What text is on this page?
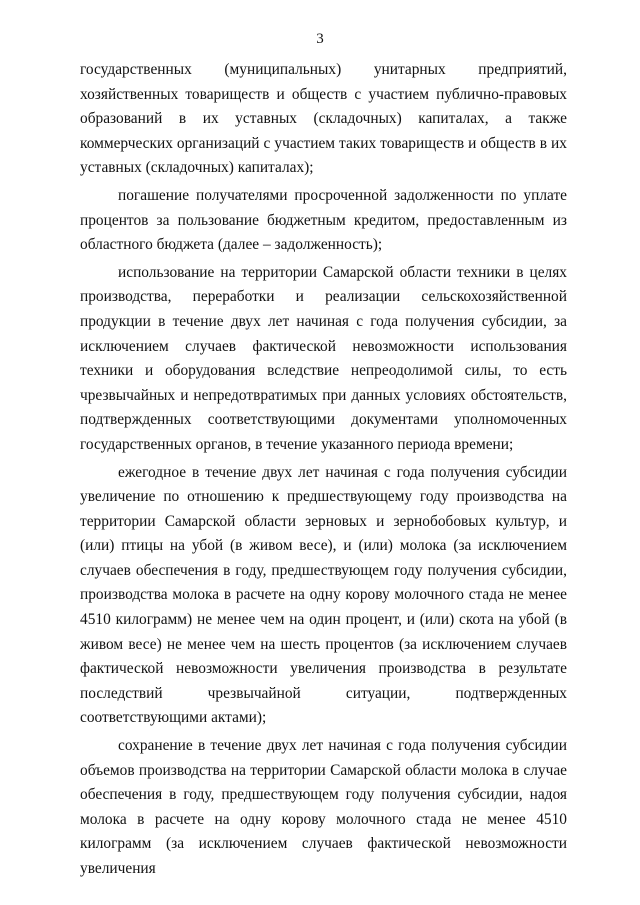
3

государственных (муниципальных) унитарных предприятий, хозяйственных товариществ и обществ с участием публично-правовых образований в их уставных (складочных) капиталах, а также коммерческих организаций с участием таких товариществ и обществ в их уставных (складочных) капиталах);

погашение получателями просроченной задолженности по уплате процентов за пользование бюджетным кредитом, предоставленным из областного бюджета (далее – задолженность);

использование на территории Самарской области техники в целях производства, переработки и реализации сельскохозяйственной продукции в течение двух лет начиная с года получения субсидии, за исключением случаев фактической невозможности использования техники и оборудования вследствие непреодолимой силы, то есть чрезвычайных и непредотвратимых при данных условиях обстоятельств, подтвержденных соответствующими документами уполномоченных государственных органов, в течение указанного периода времени;

ежегодное в течение двух лет начиная с года получения субсидии увеличение по отношению к предшествующему году производства на территории Самарской области зерновых и зернобобовых культур, и (или) птицы на убой (в живом весе), и (или) молока (за исключением случаев обеспечения в году, предшествующем году получения субсидии, производства молока в расчете на одну корову молочного стада не менее 4510 килограмм) не менее чем на один процент, и (или) скота на убой (в живом весе) не менее чем на шесть процентов (за исключением случаев фактической невозможности увеличения производства в результате последствий чрезвычайной ситуации, подтвержденных соответствующими актами);

сохранение в течение двух лет начиная с года получения субсидии объемов производства на территории Самарской области молока в случае обеспечения в году, предшествующем году получения субсидии, надоя молока в расчете на одну корову молочного стада не менее 4510 килограмм (за исключением случаев фактической невозможности увеличения
